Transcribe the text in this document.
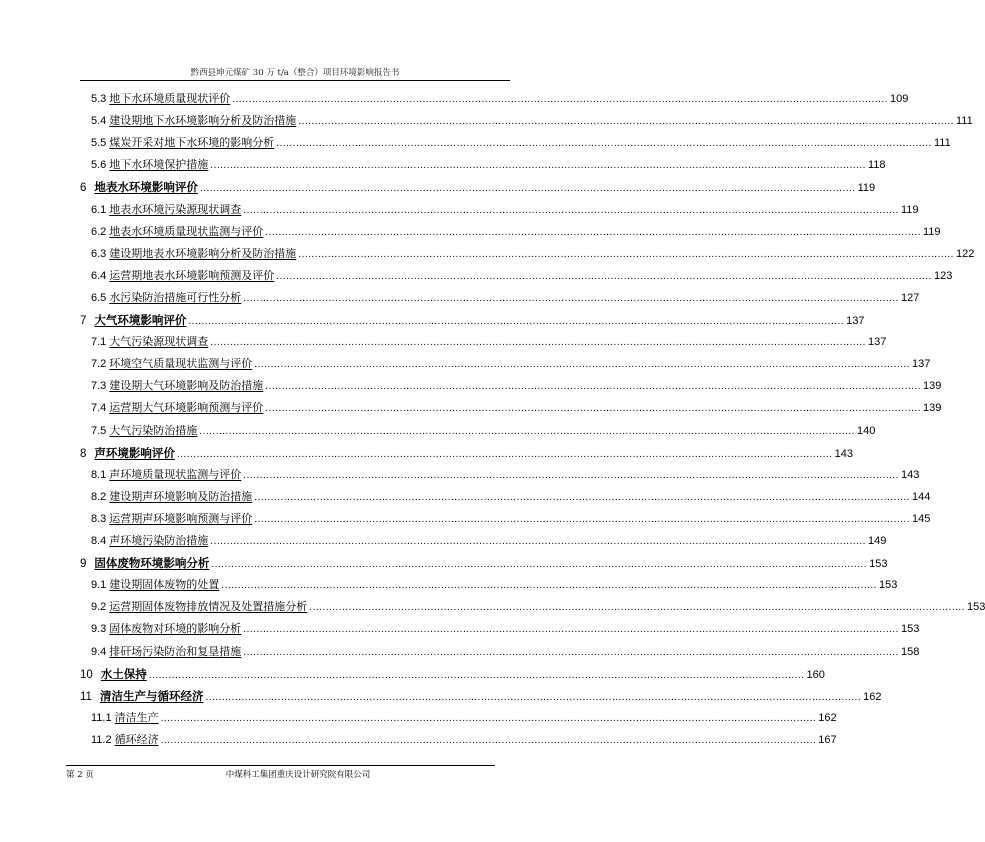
黔西县坤元煤矿 30 万 t/a（整合）项目环境影响报告书
5.3 地下水环境质量现状评价 ........................................................................................................................................................................................................ 109
5.4 建设期地下水环境影响分析及防治措施 ........................................................................................................................................................................................................ 111
5.5 煤炭开采对地下水环境的影响分析 ........................................................................................................................................................................................................ 111
5.6 地下水环境保护措施 ........................................................................................................................................................................................................ 118
6 地表水环境影响评价 ........................................................................................................................................................................................................ 119
6.1 地表水环境污染源现状调查 ........................................................................................................................................................................................................ 119
6.2 地表水环境质量现状监测与评价 ........................................................................................................................................................................................................ 119
6.3 建设期地表水环境影响分析及防治措施 ........................................................................................................................................................................................................ 122
6.4 运营期地表水环境影响预测及评价 ........................................................................................................................................................................................................ 123
6.5 水污染防治措施可行性分析 ........................................................................................................................................................................................................ 127
7 大气环境影响评价 ........................................................................................................................................................................................................ 137
7.1 大气污染源现状调查 ........................................................................................................................................................................................................ 137
7.2 环境空气质量现状监测与评价 ........................................................................................................................................................................................................ 137
7.3 建设期大气环境影响及防治措施 ........................................................................................................................................................................................................ 139
7.4 运营期大气环境影响预测与评价 ........................................................................................................................................................................................................ 139
7.5 大气污染防治措施 ........................................................................................................................................................................................................ 140
8 声环境影响评价 ........................................................................................................................................................................................................ 143
8.1 声环境质量现状监测与评价 ........................................................................................................................................................................................................ 143
8.2 建设期声环境影响及防治措施 ........................................................................................................................................................................................................ 144
8.3 运营期声环境影响预测与评价 ........................................................................................................................................................................................................ 145
8.4 声环境污染防治措施 ........................................................................................................................................................................................................ 149
9 固体废物环境影响分析 ........................................................................................................................................................................................................ 153
9.1 建设期固体废物的处置 ........................................................................................................................................................................................................ 153
9.2 运营期固体废物排放情况及处置措施分析 ........................................................................................................................................................................................................ 153
9.3 固体废物对环境的影响分析 ........................................................................................................................................................................................................ 153
9.4 排矸场污染防治和复垦措施 ........................................................................................................................................................................................................ 158
10 水土保持 ........................................................................................................................................................................................................ 160
11 清洁生产与循环经济 ........................................................................................................................................................................................................ 162
11.1 清洁生产 ........................................................................................................................................................................................................ 162
11.2 循环经济 ........................................................................................................................................................................................................ 167
第 2 页	中煤科工集团重庆设计研究院有限公司
